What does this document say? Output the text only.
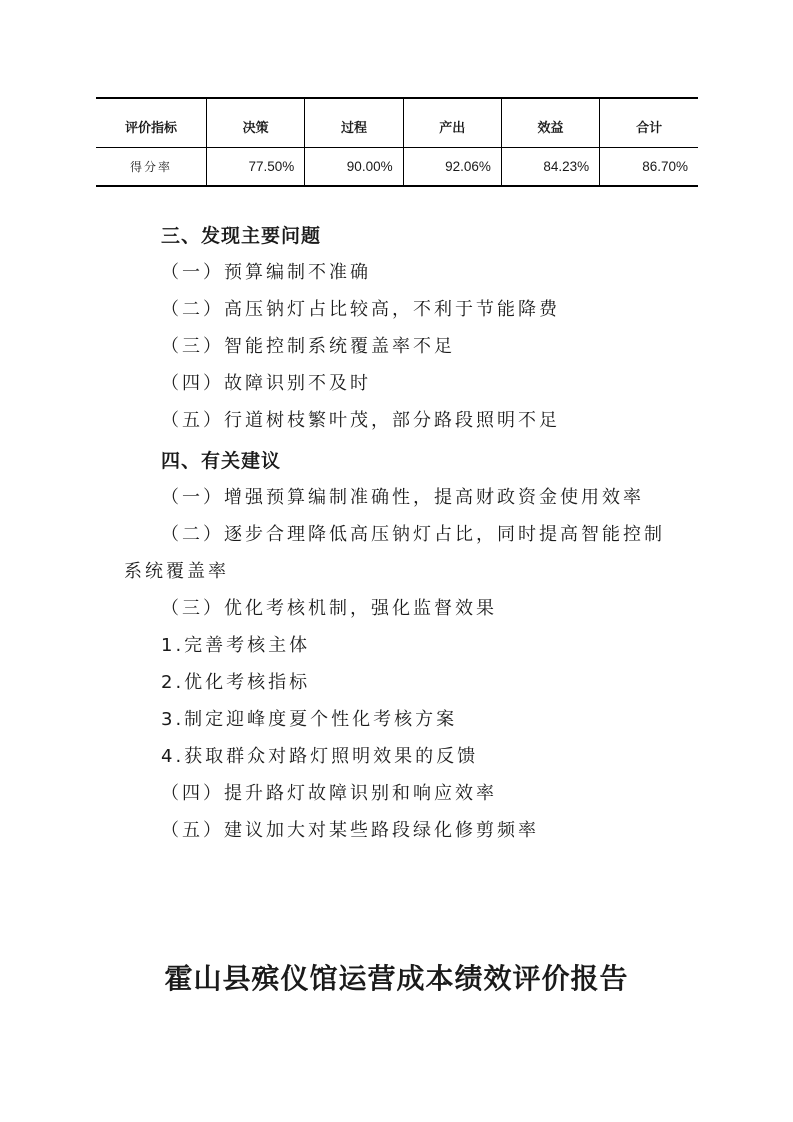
评价指标	决策	过程	产出	效益	合计
得分率	77.50%	90.00%	92.06%	84.23%	86.70%

三、发现主要问题

（一）预算编制不准确

（二）高压钠灯占比较高，不利于节能降费

（三）智能控制系统覆盖率不足

（四）故障识别不及时

（五）行道树枝繁叶茂，部分路段照明不足

四、有关建议

（一）增强预算编制准确性，提高财政资金使用效率

（二）逐步合理降低高压钠灯占比，同时提高智能控制

系统覆盖率

（三）优化考核机制，强化监督效果

1.完善考核主体

2.优化考核指标

3.制定迎峰度夏个性化考核方案

4.获取群众对路灯照明效果的反馈

（四）提升路灯故障识别和响应效率

（五）建议加大对某些路段绿化修剪频率

霍山县殡仪馆运营成本绩效评价报告
